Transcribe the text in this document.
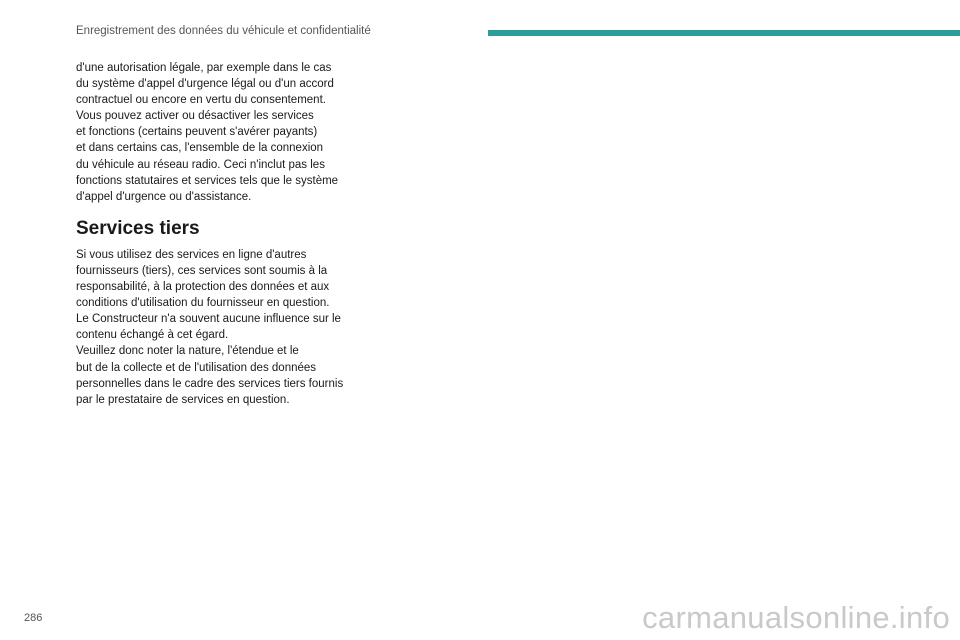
Enregistrement des données du véhicule et confidentialité

d'une autorisation légale, par exemple dans le cas
du système d'appel d'urgence légal ou d'un accord
contractuel ou encore en vertu du consentement.
Vous pouvez activer ou désactiver les services
et fonctions (certains peuvent s'avérer payants)
et dans certains cas, l'ensemble de la connexion
du véhicule au réseau radio. Ceci n'inclut pas les
fonctions statutaires et services tels que le système
d'appel d'urgence ou d'assistance.

Services tiers

Si vous utilisez des services en ligne d'autres
fournisseurs (tiers), ces services sont soumis à la
responsabilité, à la protection des données et aux
conditions d'utilisation du fournisseur en question.
Le Constructeur n'a souvent aucune influence sur le
contenu échangé à cet égard.
Veuillez donc noter la nature, l'étendue et le
but de la collecte et de l'utilisation des données
personnelles dans le cadre des services tiers fournis
par le prestataire de services en question.

286	carmanualsonline.info
